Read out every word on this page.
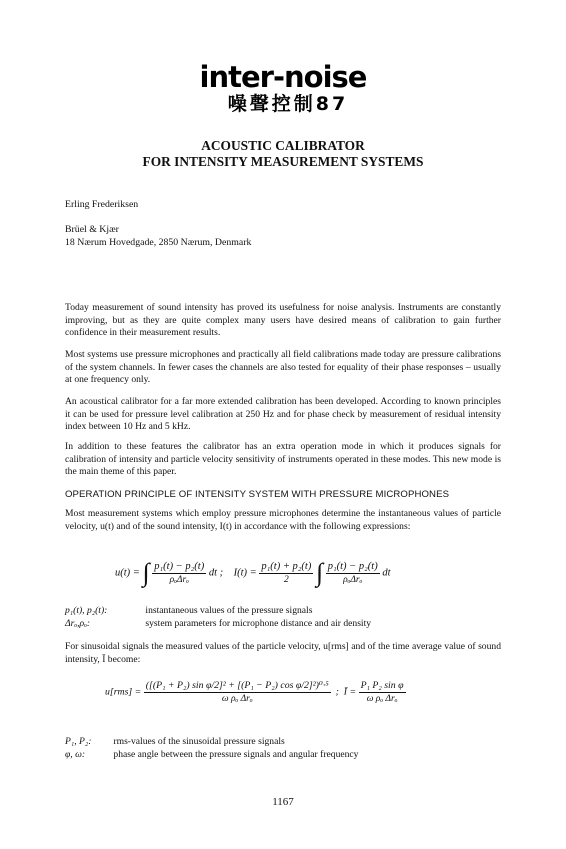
inter-noise
噪聲控制87
ACOUSTIC CALIBRATOR
FOR INTENSITY MEASUREMENT SYSTEMS
Erling Frederiksen
Brüel & Kjær
18 Nærum Hovedgade, 2850 Nærum, Denmark

Today measurement of sound intensity has proved its usefulness for noise analysis. Instruments are constantly improving, but as they are quite complex many users have desired means of calibration to gain further confidence in their measurement results.

Most systems use pressure microphones and practically all field calibrations made today are pressure calibrations of the system channels. In fewer cases the channels are also tested for equality of their phase responses – usually at one frequency only.

An acoustical calibrator for a far more extended calibration has been developed. According to known principles it can be used for pressure level calibration at 250 Hz and for phase check by measurement of residual intensity index between 10 Hz and 5 kHz.

In addition to these features the calibrator has an extra operation mode in which it produces signals for calibration of intensity and particle velocity sensitivity of instruments operated in these modes. This new mode is the main theme of this paper.

OPERATION PRINCIPLE OF INTENSITY SYSTEM WITH PRESSURE MICROPHONES

Most measurement systems which employ pressure microphones determine the instantaneous values of particle velocity, u(t) and of the sound intensity, I(t) in accordance with the following expressions:

u(t) = ∫ $\frac{\text{p₁(t) − p₂(t)}}{\text{ρₒΔrₒ}}$ dt ; $I(t) = \frac{\text{p₁(t) + p₂(t)}}{2}$ ∫ $\frac{\text{p₁(t) − p₂(t)}}{\text{ρₒΔrₒ}}$ dt
p₁(t), p₂(t):	instantaneous values of the pressure signals
Δrₒ,ρₒ:	system parameters for microphone distance and air density

For sinusoidal signals the measured values of the particle velocity, u[rms] and of the time average value of sound intensity, Ī become:

$u[rms] = \frac{\text{([(P₁ + P₂) sin φ/2]² + [(P₁ − P₂) cos φ/2]²)⁰·⁵}}{\text{ω ρₒ Δrₒ}}$ ; Ī = $\frac{\text{P₁ P₂ sin φ}}{\text{ω ρₒ Δrₒ}}$
P₁, P₂: rms-values of the sinusoidal pressure signals
φ, ω:	phase angle between the pressure signals and angular frequency
1167
